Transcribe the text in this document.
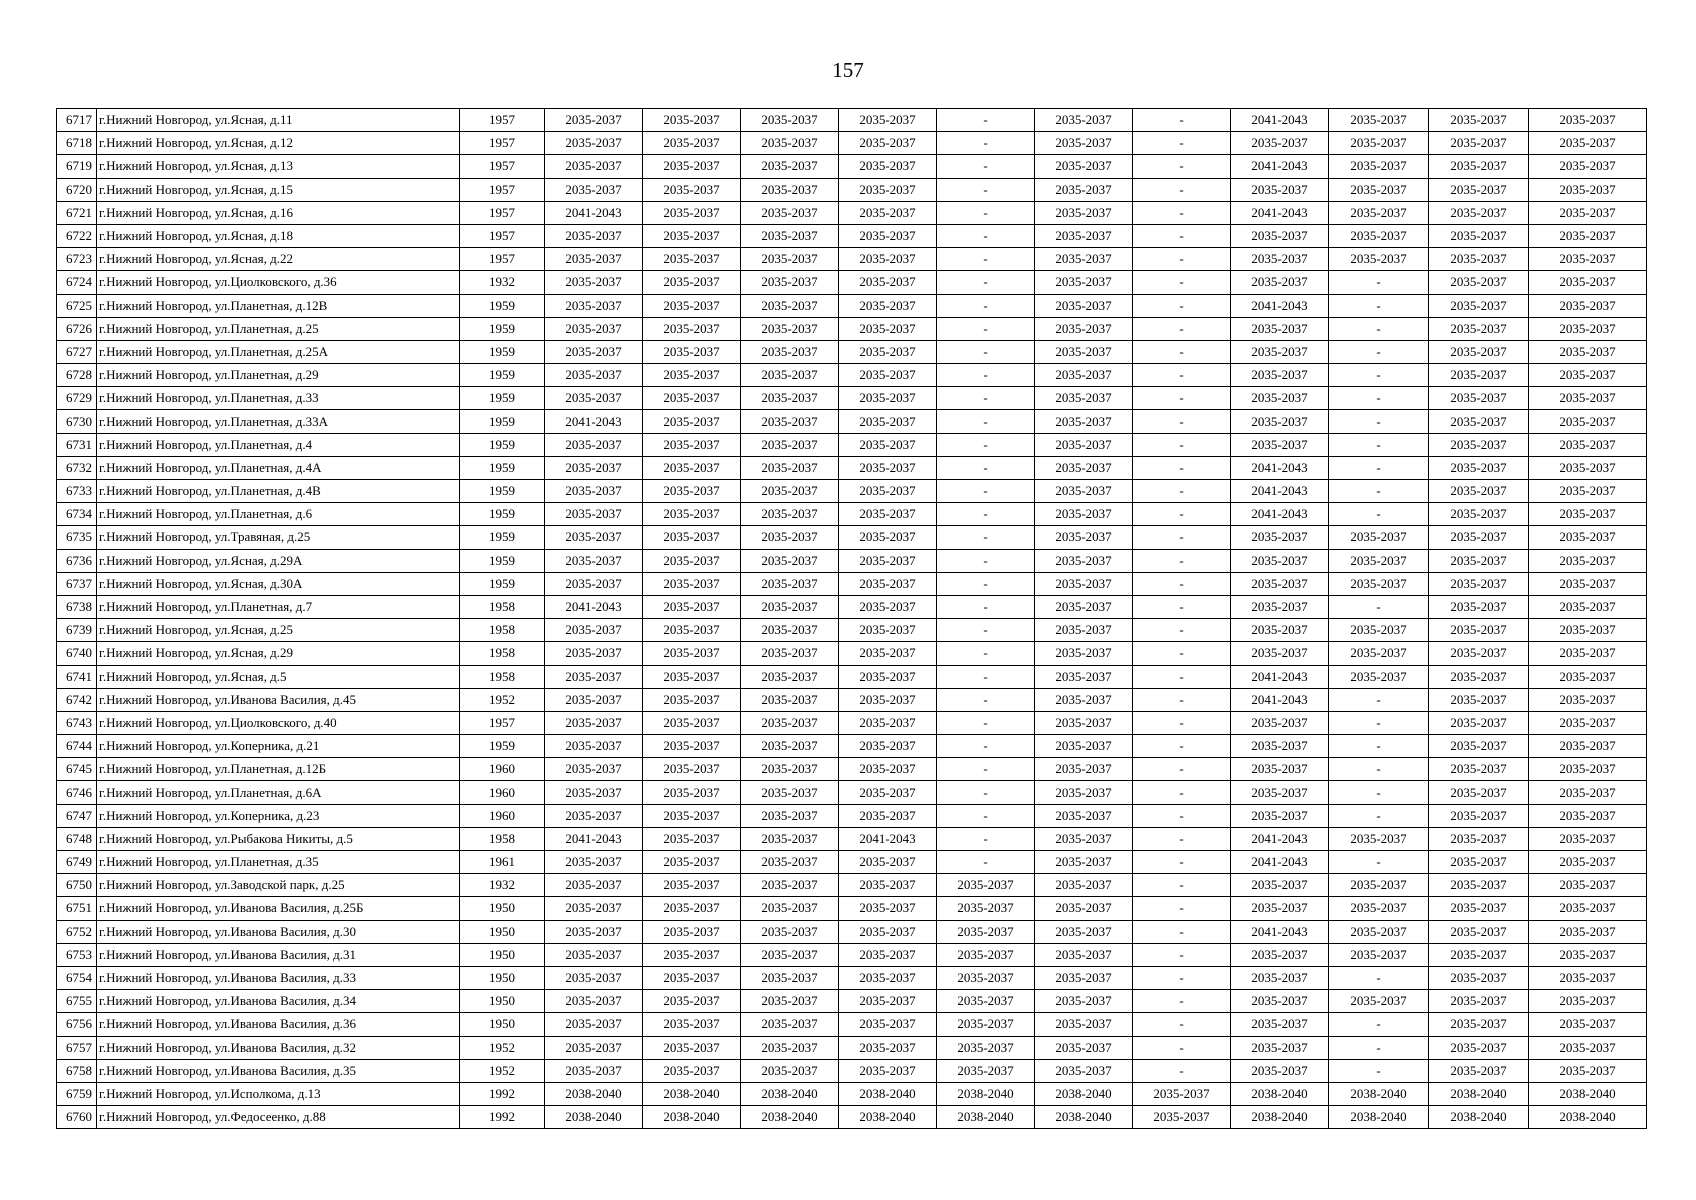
157
6717	г.Нижний Новгород, ул.Ясная, д.11	1957	2035-2037	2035-2037	2035-2037	2035-2037	-	2035-2037	-	2041-2043	2035-2037	2035-2037	2035-2037
6718	г.Нижний Новгород, ул.Ясная, д.12	1957	2035-2037	2035-2037	2035-2037	2035-2037	-	2035-2037	-	2035-2037	2035-2037	2035-2037	2035-2037
6719	г.Нижний Новгород, ул.Ясная, д.13	1957	2035-2037	2035-2037	2035-2037	2035-2037	-	2035-2037	-	2041-2043	2035-2037	2035-2037	2035-2037
6720	г.Нижний Новгород, ул.Ясная, д.15	1957	2035-2037	2035-2037	2035-2037	2035-2037	-	2035-2037	-	2035-2037	2035-2037	2035-2037	2035-2037
6721	г.Нижний Новгород, ул.Ясная, д.16	1957	2041-2043	2035-2037	2035-2037	2035-2037	-	2035-2037	-	2041-2043	2035-2037	2035-2037	2035-2037
6722	г.Нижний Новгород, ул.Ясная, д.18	1957	2035-2037	2035-2037	2035-2037	2035-2037	-	2035-2037	-	2035-2037	2035-2037	2035-2037	2035-2037
6723	г.Нижний Новгород, ул.Ясная, д.22	1957	2035-2037	2035-2037	2035-2037	2035-2037	-	2035-2037	-	2035-2037	2035-2037	2035-2037	2035-2037
6724	г.Нижний Новгород, ул.Циолковского, д.36	1932	2035-2037	2035-2037	2035-2037	2035-2037	-	2035-2037	-	2035-2037	-	2035-2037	2035-2037
6725	г.Нижний Новгород, ул.Планетная, д.12В	1959	2035-2037	2035-2037	2035-2037	2035-2037	-	2035-2037	-	2041-2043	-	2035-2037	2035-2037
6726	г.Нижний Новгород, ул.Планетная, д.25	1959	2035-2037	2035-2037	2035-2037	2035-2037	-	2035-2037	-	2035-2037	-	2035-2037	2035-2037
6727	г.Нижний Новгород, ул.Планетная, д.25А	1959	2035-2037	2035-2037	2035-2037	2035-2037	-	2035-2037	-	2035-2037	-	2035-2037	2035-2037
6728	г.Нижний Новгород, ул.Планетная, д.29	1959	2035-2037	2035-2037	2035-2037	2035-2037	-	2035-2037	-	2035-2037	-	2035-2037	2035-2037
6729	г.Нижний Новгород, ул.Планетная, д.33	1959	2035-2037	2035-2037	2035-2037	2035-2037	-	2035-2037	-	2035-2037	-	2035-2037	2035-2037
6730	г.Нижний Новгород, ул.Планетная, д.33А	1959	2041-2043	2035-2037	2035-2037	2035-2037	-	2035-2037	-	2035-2037	-	2035-2037	2035-2037
6731	г.Нижний Новгород, ул.Планетная, д.4	1959	2035-2037	2035-2037	2035-2037	2035-2037	-	2035-2037	-	2035-2037	-	2035-2037	2035-2037
6732	г.Нижний Новгород, ул.Планетная, д.4А	1959	2035-2037	2035-2037	2035-2037	2035-2037	-	2035-2037	-	2041-2043	-	2035-2037	2035-2037
6733	г.Нижний Новгород, ул.Планетная, д.4В	1959	2035-2037	2035-2037	2035-2037	2035-2037	-	2035-2037	-	2041-2043	-	2035-2037	2035-2037
6734	г.Нижний Новгород, ул.Планетная, д.6	1959	2035-2037	2035-2037	2035-2037	2035-2037	-	2035-2037	-	2041-2043	-	2035-2037	2035-2037
6735	г.Нижний Новгород, ул.Травяная, д.25	1959	2035-2037	2035-2037	2035-2037	2035-2037	-	2035-2037	-	2035-2037	2035-2037	2035-2037	2035-2037
6736	г.Нижний Новгород, ул.Ясная, д.29А	1959	2035-2037	2035-2037	2035-2037	2035-2037	-	2035-2037	-	2035-2037	2035-2037	2035-2037	2035-2037
6737	г.Нижний Новгород, ул.Ясная, д.30А	1959	2035-2037	2035-2037	2035-2037	2035-2037	-	2035-2037	-	2035-2037	2035-2037	2035-2037	2035-2037
6738	г.Нижний Новгород, ул.Планетная, д.7	1958	2041-2043	2035-2037	2035-2037	2035-2037	-	2035-2037	-	2035-2037	-	2035-2037	2035-2037
6739	г.Нижний Новгород, ул.Ясная, д.25	1958	2035-2037	2035-2037	2035-2037	2035-2037	-	2035-2037	-	2035-2037	2035-2037	2035-2037	2035-2037
6740	г.Нижний Новгород, ул.Ясная, д.29	1958	2035-2037	2035-2037	2035-2037	2035-2037	-	2035-2037	-	2035-2037	2035-2037	2035-2037	2035-2037
6741	г.Нижний Новгород, ул.Ясная, д.5	1958	2035-2037	2035-2037	2035-2037	2035-2037	-	2035-2037	-	2041-2043	2035-2037	2035-2037	2035-2037
6742	г.Нижний Новгород, ул.Иванова Василия, д.45	1952	2035-2037	2035-2037	2035-2037	2035-2037	-	2035-2037	-	2041-2043	-	2035-2037	2035-2037
6743	г.Нижний Новгород, ул.Циолковского, д.40	1957	2035-2037	2035-2037	2035-2037	2035-2037	-	2035-2037	-	2035-2037	-	2035-2037	2035-2037
6744	г.Нижний Новгород, ул.Коперника, д.21	1959	2035-2037	2035-2037	2035-2037	2035-2037	-	2035-2037	-	2035-2037	-	2035-2037	2035-2037
6745	г.Нижний Новгород, ул.Планетная, д.12Б	1960	2035-2037	2035-2037	2035-2037	2035-2037	-	2035-2037	-	2035-2037	-	2035-2037	2035-2037
6746	г.Нижний Новгород, ул.Планетная, д.6А	1960	2035-2037	2035-2037	2035-2037	2035-2037	-	2035-2037	-	2035-2037	-	2035-2037	2035-2037
6747	г.Нижний Новгород, ул.Коперника, д.23	1960	2035-2037	2035-2037	2035-2037	2035-2037	-	2035-2037	-	2035-2037	-	2035-2037	2035-2037
6748	г.Нижний Новгород, ул.Рыбакова Никиты, д.5	1958	2041-2043	2035-2037	2035-2037	2041-2043	-	2035-2037	-	2041-2043	2035-2037	2035-2037	2035-2037
6749	г.Нижний Новгород, ул.Планетная, д.35	1961	2035-2037	2035-2037	2035-2037	2035-2037	-	2035-2037	-	2041-2043	-	2035-2037	2035-2037
6750	г.Нижний Новгород, ул.Заводской парк, д.25	1932	2035-2037	2035-2037	2035-2037	2035-2037	2035-2037	2035-2037	-	2035-2037	2035-2037	2035-2037	2035-2037
6751	г.Нижний Новгород, ул.Иванова Василия, д.25Б	1950	2035-2037	2035-2037	2035-2037	2035-2037	2035-2037	2035-2037	-	2035-2037	2035-2037	2035-2037	2035-2037
6752	г.Нижний Новгород, ул.Иванова Василия, д.30	1950	2035-2037	2035-2037	2035-2037	2035-2037	2035-2037	2035-2037	-	2041-2043	2035-2037	2035-2037	2035-2037
6753	г.Нижний Новгород, ул.Иванова Василия, д.31	1950	2035-2037	2035-2037	2035-2037	2035-2037	2035-2037	2035-2037	-	2035-2037	2035-2037	2035-2037	2035-2037
6754	г.Нижний Новгород, ул.Иванова Василия, д.33	1950	2035-2037	2035-2037	2035-2037	2035-2037	2035-2037	2035-2037	-	2035-2037	-	2035-2037	2035-2037
6755	г.Нижний Новгород, ул.Иванова Василия, д.34	1950	2035-2037	2035-2037	2035-2037	2035-2037	2035-2037	2035-2037	-	2035-2037	2035-2037	2035-2037	2035-2037
6756	г.Нижний Новгород, ул.Иванова Василия, д.36	1950	2035-2037	2035-2037	2035-2037	2035-2037	2035-2037	2035-2037	-	2035-2037	-	2035-2037	2035-2037
6757	г.Нижний Новгород, ул.Иванова Василия, д.32	1952	2035-2037	2035-2037	2035-2037	2035-2037	2035-2037	2035-2037	-	2035-2037	-	2035-2037	2035-2037
6758	г.Нижний Новгород, ул.Иванова Василия, д.35	1952	2035-2037	2035-2037	2035-2037	2035-2037	2035-2037	2035-2037	-	2035-2037	-	2035-2037	2035-2037
6759	г.Нижний Новгород, ул.Исполкома, д.13	1992	2038-2040	2038-2040	2038-2040	2038-2040	2038-2040	2038-2040	2035-2037	2038-2040	2038-2040	2038-2040	2038-2040
6760	г.Нижний Новгород, ул.Федосеенко, д.88	1992	2038-2040	2038-2040	2038-2040	2038-2040	2038-2040	2038-2040	2035-2037	2038-2040	2038-2040	2038-2040	2038-2040
